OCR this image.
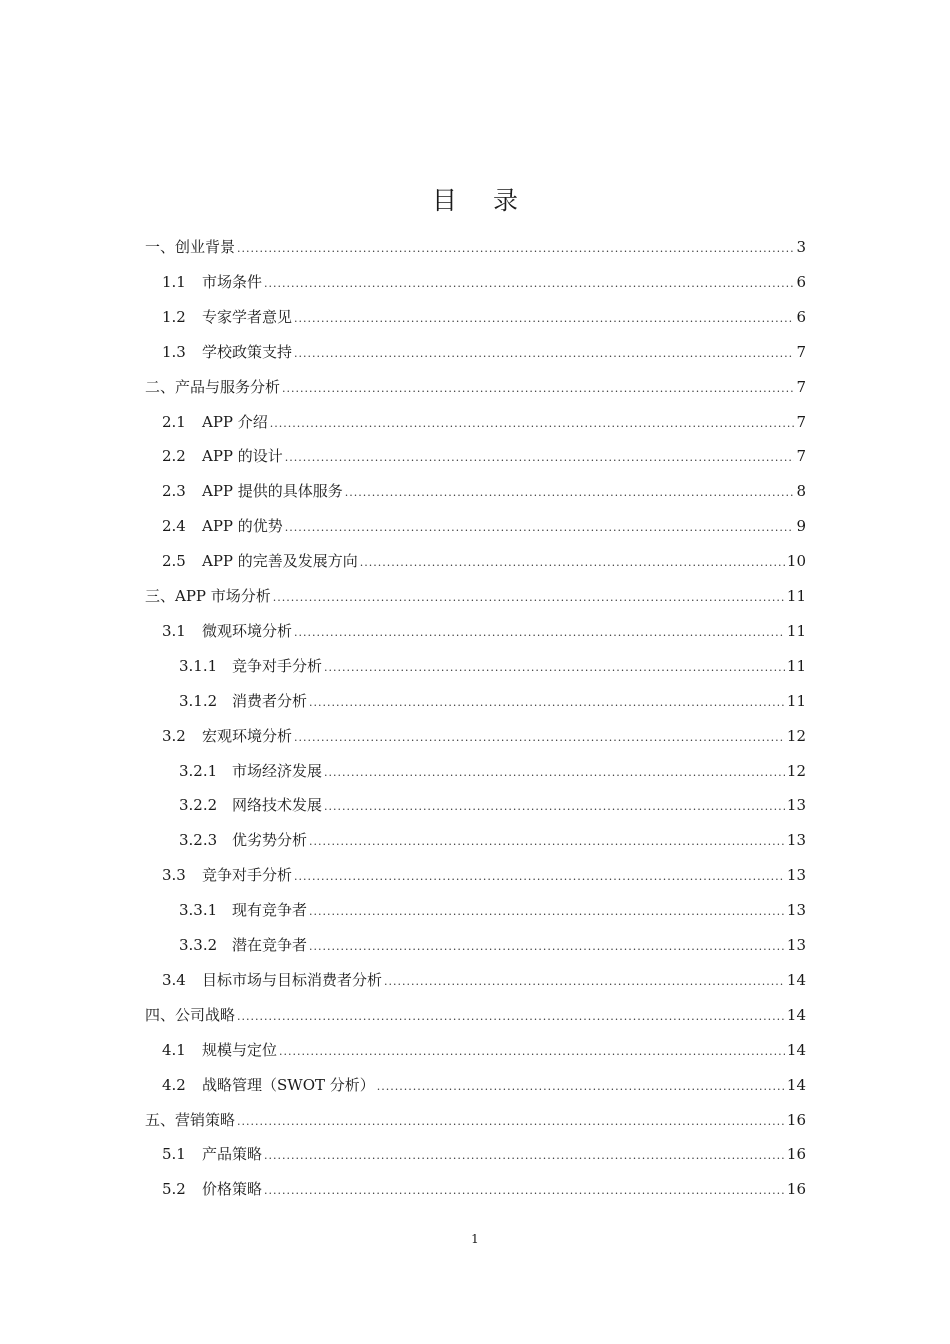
目 录
一、创业背景 .....	3
1.1	市场条件 .....	6
1.2	专家学者意见 .....	6
1.3	学校政策支持 .....	7
二、产品与服务分析 .....	7
2.1	APP 介绍 .....	7
2.2	APP 的设计 .....	7
2.3	APP 提供的具体服务 .....	8
2.4	APP 的优势 .....	9
2.5	APP 的完善及发展方向 .....	10
三、APP 市场分析 .....	11
3.1	微观环境分析 .....	11
3.1.1 竞争对手分析 .....	11
3.1.2 消费者分析 .....	11
3.2	宏观环境分析 .....	12
3.2.1 市场经济发展 .....	12
3.2.2 网络技术发展 .....	13
3.2.3 优劣势分析 .....	13
3.3	竞争对手分析 .....	13
3.3.1 现有竞争者 .....	13
3.3.2 潜在竞争者 .....	13
3.4	目标市场与目标消费者分析 .....	14
四、公司战略 .....	14
4.1	规模与定位 .....	14
4.2	战略管理（SWOT 分析） .....	14
五、营销策略 .....	16
5.1	产品策略 .....	16
5.2	价格策略 .....	16
1
